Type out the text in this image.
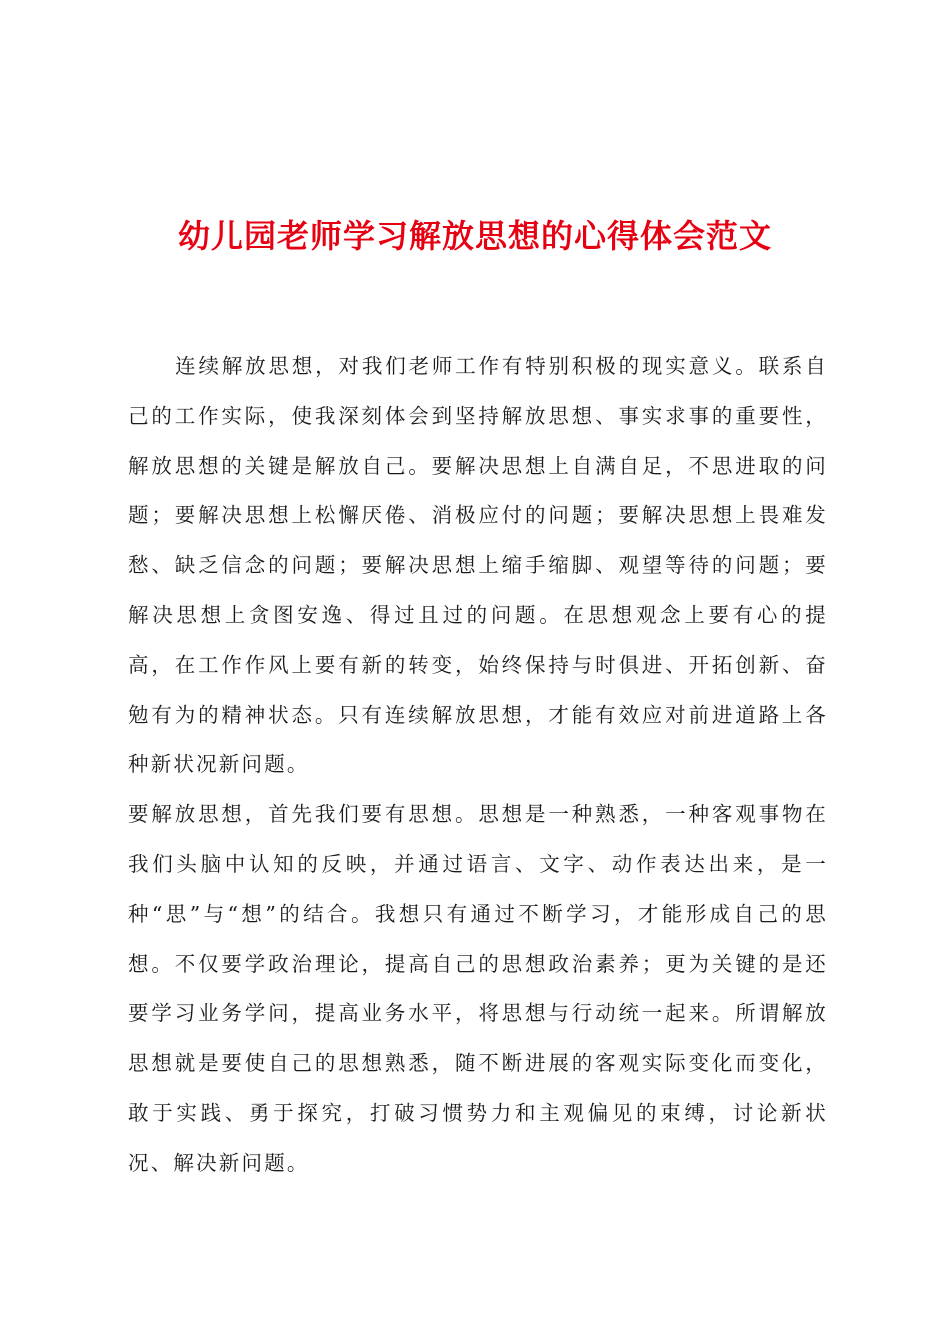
幼儿园老师学习解放思想的心得体会范文

连续解放思想，对我们老师工作有特别积极的现实意义。联系自己的工作实际，使我深刻体会到坚持解放思想、事实求事的重要性，解放思想的关键是解放自己。要解决思想上自满自足，不思进取的问题；要解决思想上松懈厌倦、消极应付的问题；要解决思想上畏难发愁、缺乏信念的问题；要解决思想上缩手缩脚、观望等待的问题；要解决思想上贪图安逸、得过且过的问题。在思想观念上要有心的提高，在工作作风上要有新的转变，始终保持与时俱进、开拓创新、奋勉有为的精神状态。只有连续解放思想，才能有效应对前进道路上各种新状况新问题。

要解放思想，首先我们要有思想。思想是一种熟悉，一种客观事物在我们头脑中认知的反映，并通过语言、文字、动作表达出来，是一种“思”与“想”的结合。我想只有通过不断学习，才能形成自己的思想。不仅要学政治理论，提高自己的思想政治素养；更为关键的是还要学习业务学问，提高业务水平，将思想与行动统一起来。所谓解放思想就是要使自己的思想熟悉，随不断进展的客观实际变化而变化，敢于实践、勇于探究，打破习惯势力和主观偏见的束缚，讨论新状况、解决新问题。
